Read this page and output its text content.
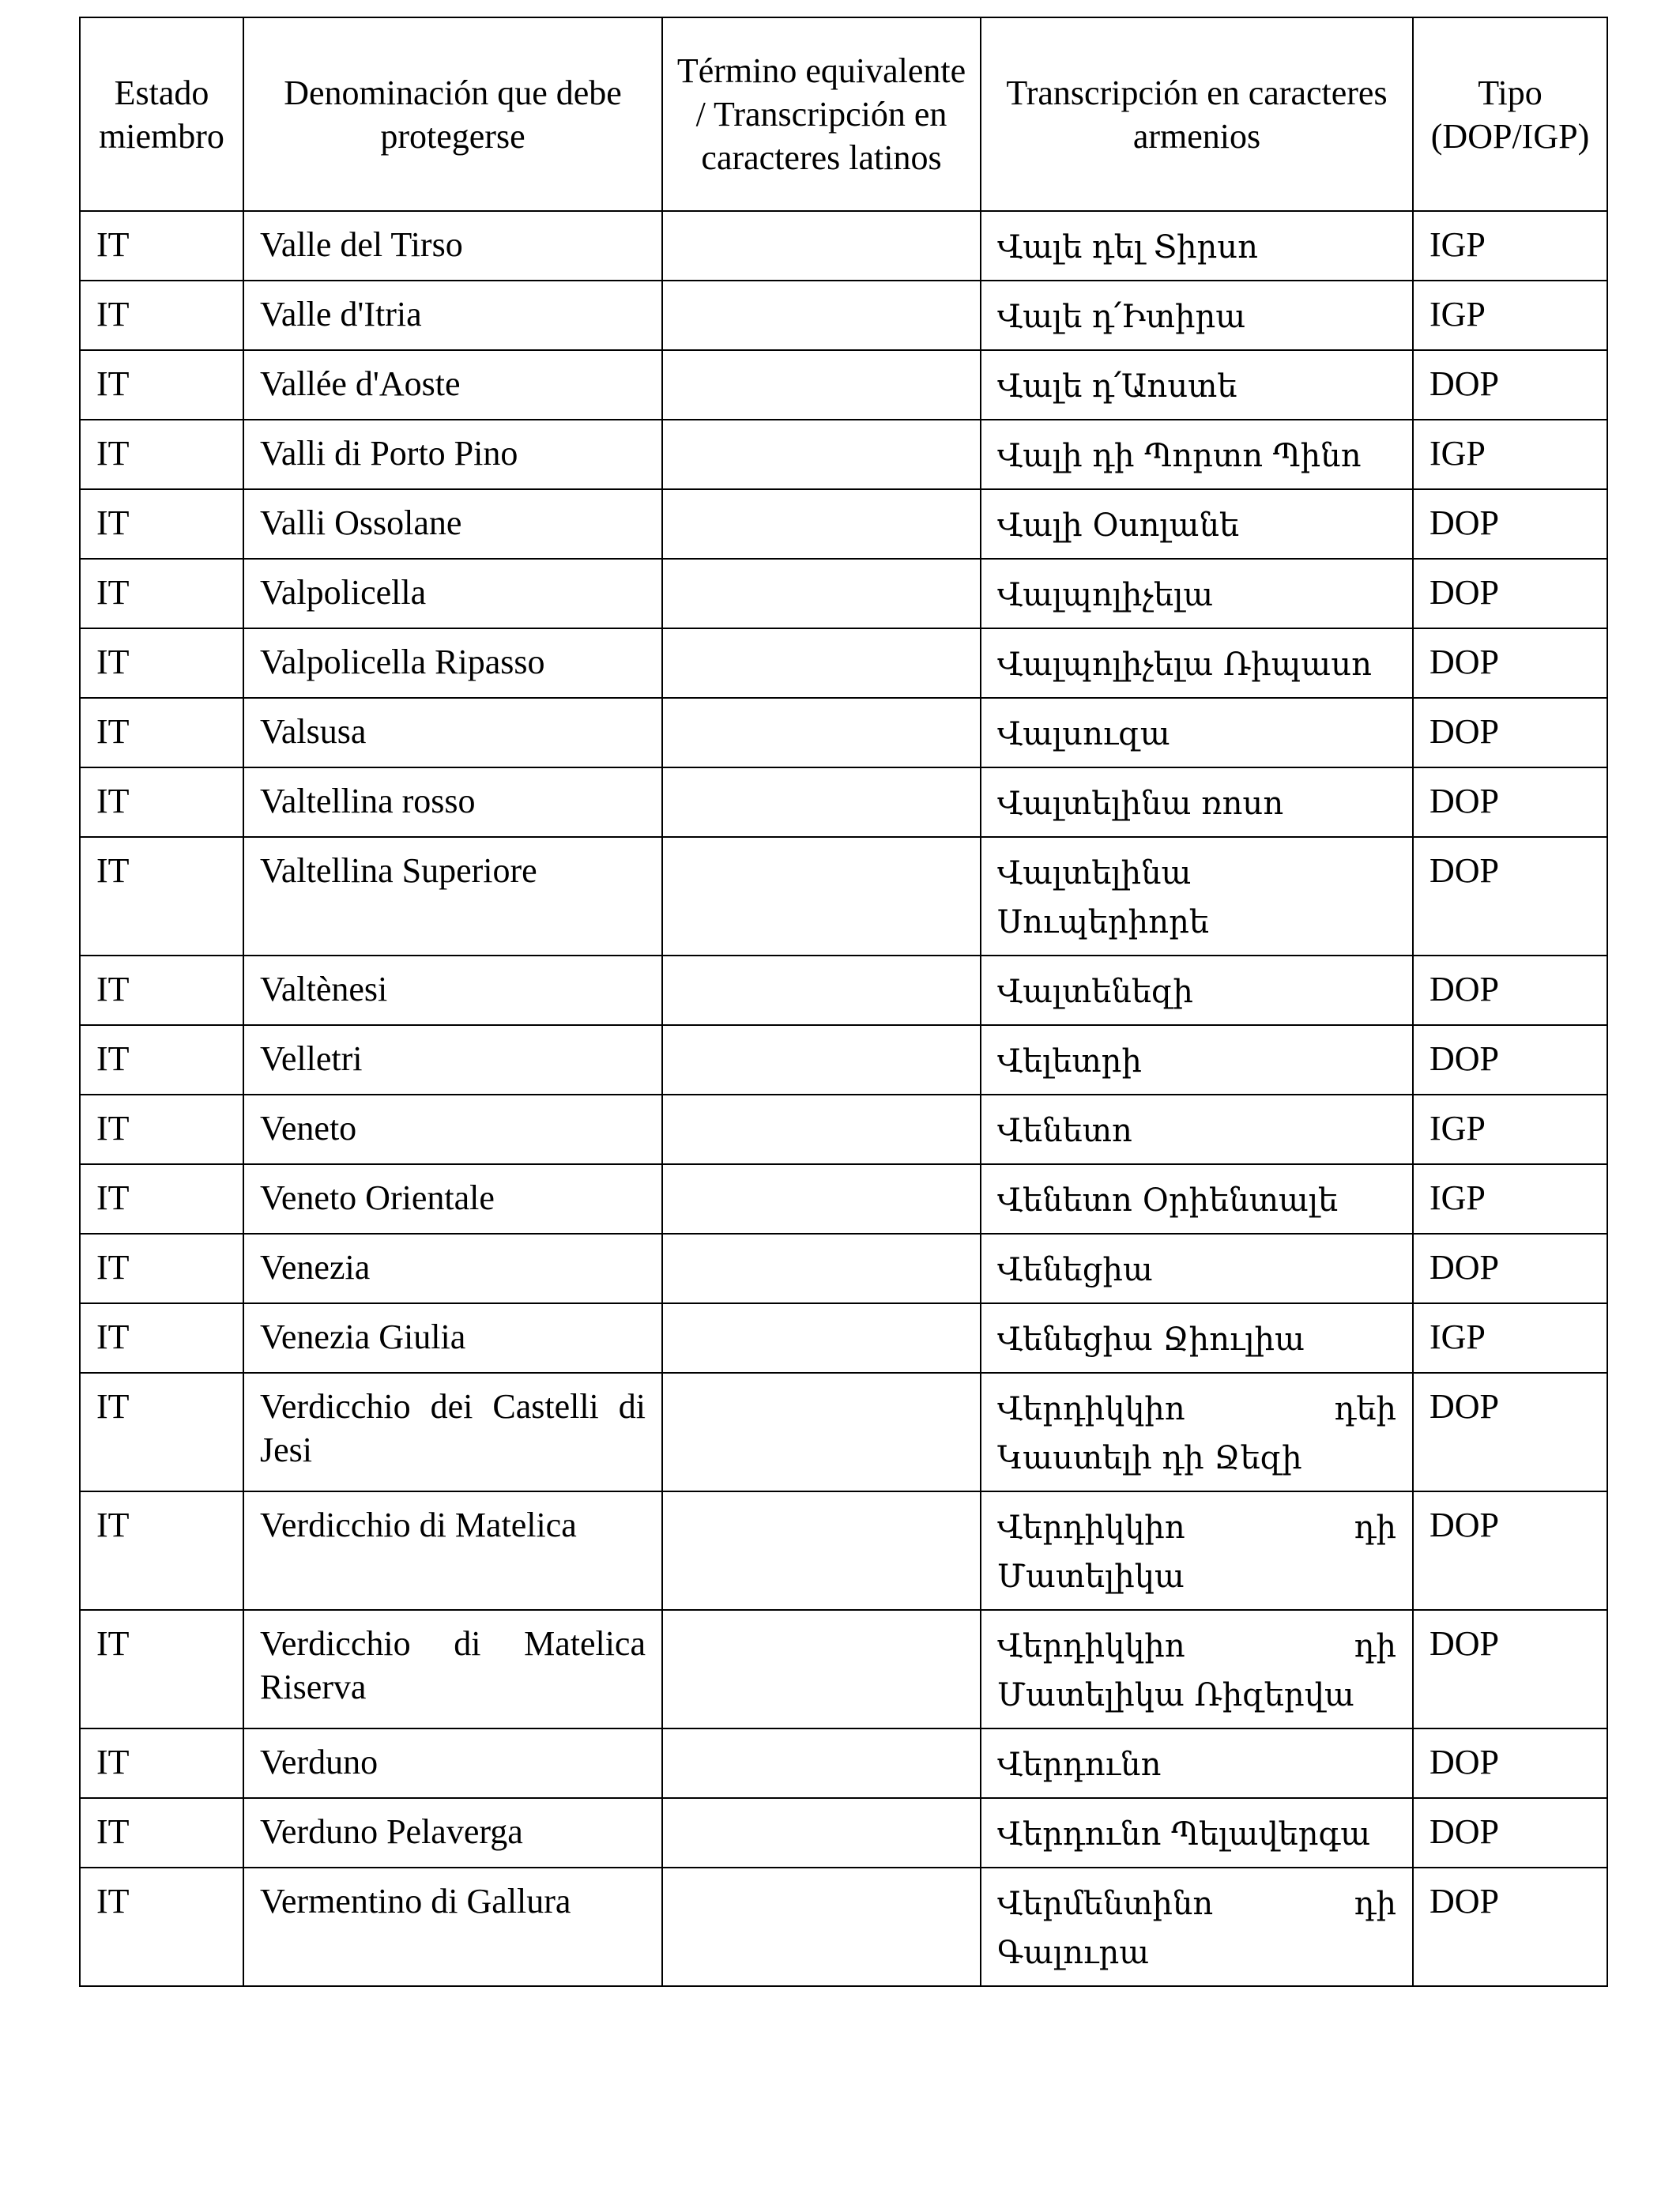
Estado miembro	Denominación que debe protegerse	Término equivalente / Transcripción en caracteres latinos	Transcripción en caracteres armenios	Tipo (DOP/IGP)
IT	Valle del Tirso		Վալե դել Տիրսո	IGP
IT	Valle d'Itria		Վալե դ՛Իտիրա	IGP
IT	Vallée d'Aoste		Վալե դ՛Աոստե	DOP
IT	Valli di Porto Pino		Վալի դի Պորտո Պինո	IGP
IT	Valli Ossolane		Վալի Օսոլանե	DOP
IT	Valpolicella		Վալպոլիչելա	DOP
IT	Valpolicella Ripasso		Վալպոլիչելա Ռիպասո	DOP
IT	Valsusa		Վալսուզա	DOP
IT	Valtellina rosso		Վալտելինա ռոսո	DOP
IT	Valtellina Superiore		Վալտելինա Սուպերիորե	DOP
IT	Valtènesi		Վալտենեզի	DOP
IT	Velletri		Վելետրի	DOP
IT	Veneto		Վենետո	IGP
IT	Veneto Orientale		Վենետո Օրիենտալե	IGP
IT	Venezia		Վենեցիա	DOP
IT	Venezia Giulia		Վենեցիա Ջիուլիա	IGP
IT	Verdicchio dei Castelli di Jesi		Վերդիկկիո դեի Կաստելի դի Ջեզի	DOP
IT	Verdicchio di Matelica		Վերդիկկիո դի Մատելիկա	DOP
IT	Verdicchio di Matelica Riserva		Վերդիկկիո դի Մատելիկա Ռիզերվա	DOP
IT	Verduno		Վերդունո	DOP
IT	Verduno Pelaverga		Վերդունո Պելավերգա	DOP
IT	Vermentino di Gallura		Վերմենտինո դի Գալուրա	DOP
